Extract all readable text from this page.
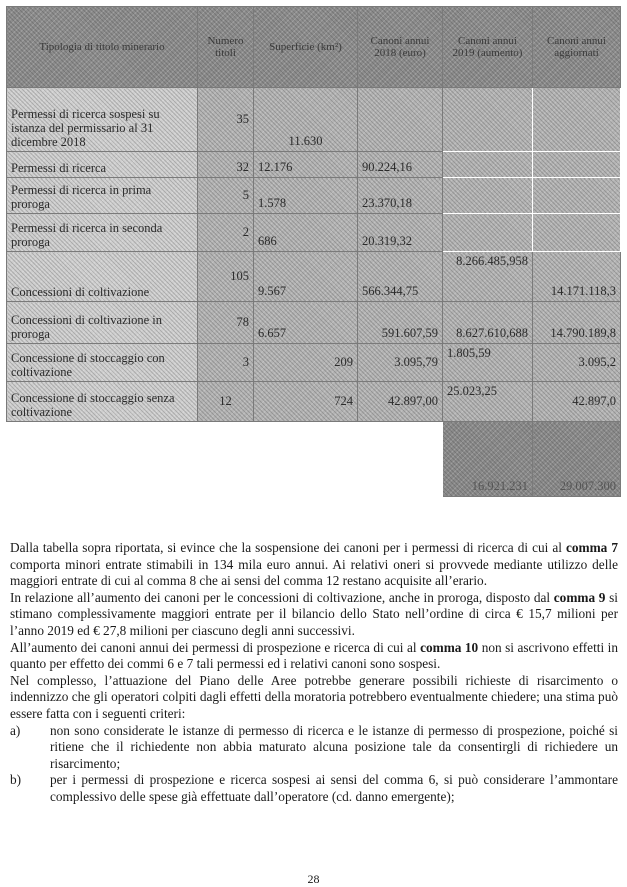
Tipologia di titolo minerario	Numero titoli	Superficie (km²)	Canoni annui 2018 (euro)	Canoni annui 2019 (aumento)	Canoni annui aggiornati
Permessi di ricerca sospesi su istanza del permissario al 31 dicembre 2018	35	11.630			
Permessi di ricerca	32	12.176	90.224,16		
Permessi di ricerca in prima proroga	5	1.578	23.370,18		
Permessi di ricerca in seconda proroga	2	686	20.319,32		
Concessioni di coltivazione	105	9.567	566.344,75	8.266.485,958	14.171.118,3
Concessioni di coltivazione in proroga	78	6.657	591.607,59	8.627.610,688	14.790.189,8
Concessione di stoccaggio con coltivazione	3	209	3.095,79	1.805,59	3.095,2
Concessione di stoccaggio senza coltivazione	12	724	42.897,00	25.023,25	42.897,0
				16.921.231	29.007.300

Dalla tabella sopra riportata, si evince che la sospensione dei canoni per i permessi di ricerca di cui al comma 7 comporta minori entrate stimabili in 134 mila euro annui. Ai relativi oneri si provvede mediante utilizzo delle maggiori entrate di cui al comma 8 che ai sensi del comma 12 restano acquisite all’erario.

In relazione all’aumento dei canoni per le concessioni di coltivazione, anche in proroga, disposto dal comma 9 si stimano complessivamente maggiori entrate per il bilancio dello Stato nell’ordine di circa € 15,7 milioni per l’anno 2019 ed € 27,8 milioni per ciascuno degli anni successivi.

All’aumento dei canoni annui dei permessi di prospezione e ricerca di cui al comma 10 non si ascrivono effetti in quanto per effetto dei commi 6 e 7 tali permessi ed i relativi canoni sono sospesi.

Nel complesso, l’attuazione del Piano delle Aree potrebbe generare possibili richieste di risarcimento o indennizzo che gli operatori colpiti dagli effetti della moratoria potrebbero eventualmente chiedere; una stima può essere fatta con i seguenti criteri:

a)	non sono considerate le istanze di permesso di ricerca e le istanze di permesso di prospezione, poiché si ritiene che il richiedente non abbia maturato alcuna posizione tale da consentirgli di richiedere un risarcimento;
b)	per i permessi di prospezione e ricerca sospesi ai sensi del comma 6, si può considerare l’ammontare complessivo delle spese già effettuate dall’operatore (cd. danno emergente);
28
